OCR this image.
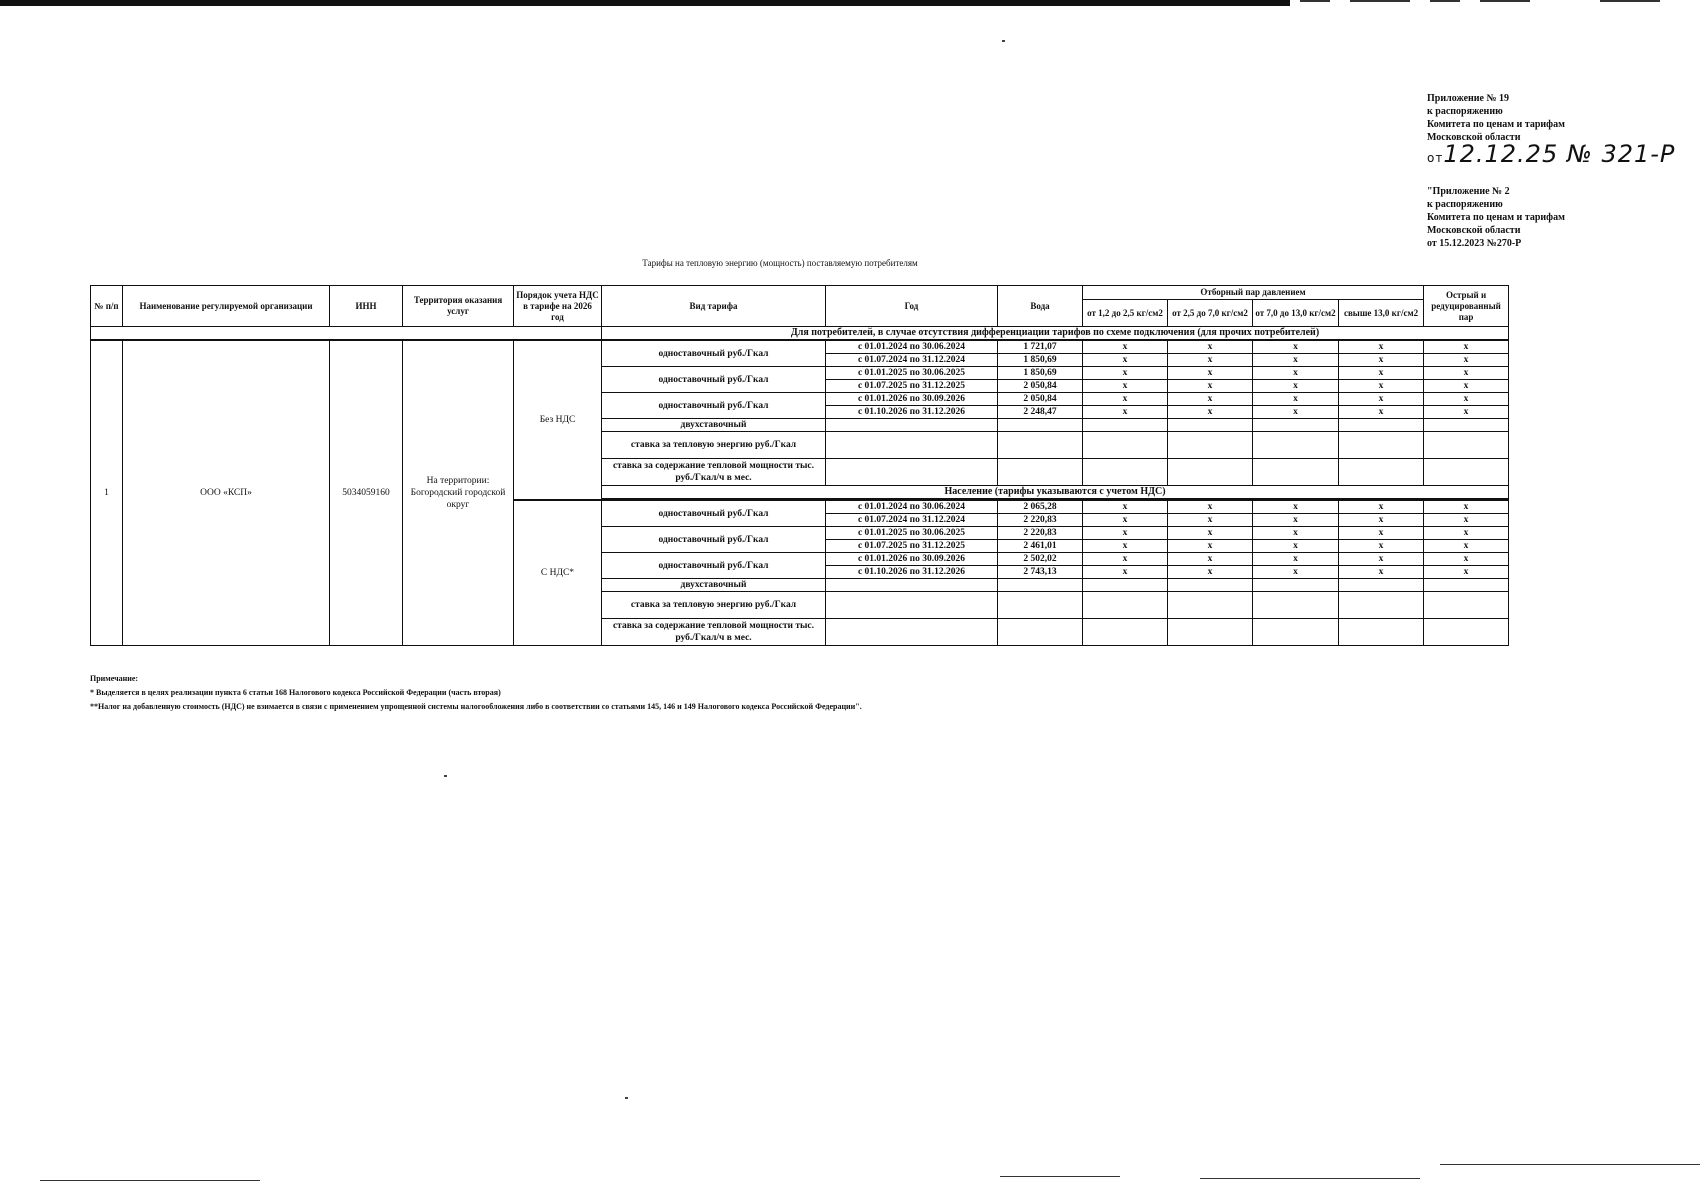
Приложение № 19
к распоряжению
Комитета по ценам и тарифам
Московской области
от12.12.25 № 321-Р
"Приложение № 2
к распоряжению
Комитета по ценам и тарифам
Московской области
от 15.12.2023 №270-Р
Тарифы на тепловую энергию (мощность) поставляемую потребителям
№ п/п	Наименование регулируемой организации	ИНН	Территория оказания услуг	Порядок учета НДС в тарифе на 2026 год	Вид тарифа	Год	Вода	Отборный пар давлением				Острый и редуцированный пар
								от 1,2 до 2,5 кг/см2	от 2,5 до 7,0 кг/см2	от 7,0 до 13,0 кг/см2	свыше 13,0 кг/см2	
					Для потребителей, в случае отсутствия дифференциации тарифов по схеме подключения (для прочих потребителей)							
1	ООО «КСП»	5034059160	На территории: Богородский городской округ	Без НДС	одноставочный руб./Гкал	с 01.01.2024 по 30.06.2024	1 721,07	x	x	x	x	x
						с 01.07.2024 по 31.12.2024	1 850,69	x	x	x	x	x
					одноставочный руб./Гкал	с 01.01.2025 по 30.06.2025	1 850,69	x	x	x	x	x
						с 01.07.2025 по 31.12.2025	2 050,84	x	x	x	x	x
					одноставочный руб./Гкал	с 01.01.2026 по 30.09.2026	2 050,84	x	x	x	x	x
						с 01.10.2026 по 31.12.2026	2 248,47	x	x	x	x	x
					двухставочный							
					ставка за тепловую энергию руб./Гкал							
					ставка за содержание тепловой мощности тыс. руб./Гкал/ч в мес.							
					Население (тарифы указываются с учетом НДС)							

				С НДС*	одноставочный руб./Гкал	с 01.01.2024 по 30.06.2024	2 065,28	x	x	x	x	x
						с 01.07.2024 по 31.12.2024	2 220,83	x	x	x	x	x
					одноставочный руб./Гкал	с 01.01.2025 по 30.06.2025	2 220,83	x	x	x	x	x
						с 01.07.2025 по 31.12.2025	2 461,01	x	x	x	x	x
					одноставочный руб./Гкал	с 01.01.2026 по 30.09.2026	2 502,02	x	x	x	x	x
						с 01.10.2026 по 31.12.2026	2 743,13	x	x	x	x	x
					двухставочный							
					ставка за тепловую энергию руб./Гкал							
					ставка за содержание тепловой мощности тыс. руб./Гкал/ч в мес.							
Примечание:
* Выделяется в целях реализации пункта 6 статьи 168 Налогового кодекса Российской Федерации (часть вторая)
**Налог на добавленную стоимость (НДС) не взимается в связи с применением упрощенной системы налогообложения либо в соответствии со статьями 145, 146 и 149 Налогового кодекса Российской Федерации".
